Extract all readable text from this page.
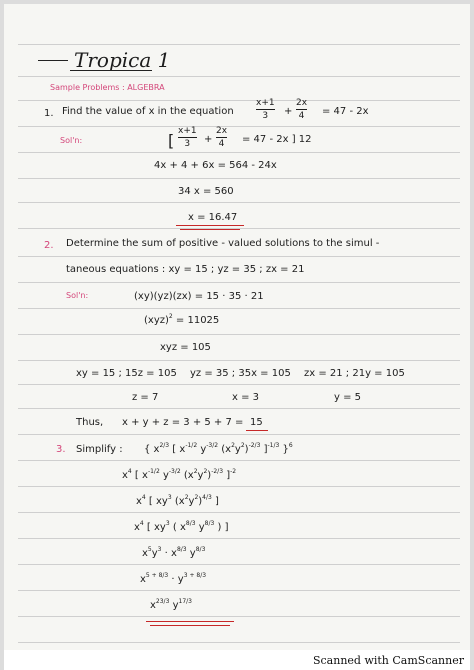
Tropica 1
Sample Problems : ALGEBRA
1. Find the value of x in the equation
x+1
3 +
2x
4 = 47 - 2x
Sol'n:	[ x+1
3 +
2x
4 = 47 - 2x ] 12
4x + 4 + 6x = 564 - 24x
34 x = 560
x = 16.47
2. Determine the sum of positive - valued solutions to the simul -
taneous equations : xy = 15 ; yz = 35 ; zx = 21
Sol'n:	(xy)(yz)(zx) = 15 · 35 · 21
(xyz)$^2$ = 11025
xyz = 105
xy = 15 ; 15z = 105 yz = 35 ; 35x = 105 zx = 21 ; 21y = 105
z = 7	x = 3	y = 5
Thus, x + y + z = 3 + 5 + 7 = 15
3. Simplify : { $x^{2/3}$ [ $x^{-1/2}$ $y^{-3/2}$ $(x^2y^2)^{-2/3}$ ]$^{-1/3}$ }$^6$
$x^4$ [ $x^{-1/2}$ $y^{-3/2}$ $(x^2y^2)^{-2/3}$ ]$^{-2}$
$x^4$ [ $xy^3$ $(x^2y^2)^{4/3}$ ]
$x^4$ [ $xy^3$ ( $x^{8/3}$ $y^{8/3}$ ) ]
$x^5y^3 \cdot x^{8/3}$ $y^{8/3}$
$x^{5 + 8/3} \cdot y^{3 + 8/3}$
$x^{23/3}$ $y^{17/3}$
Scanned with CamScanner
